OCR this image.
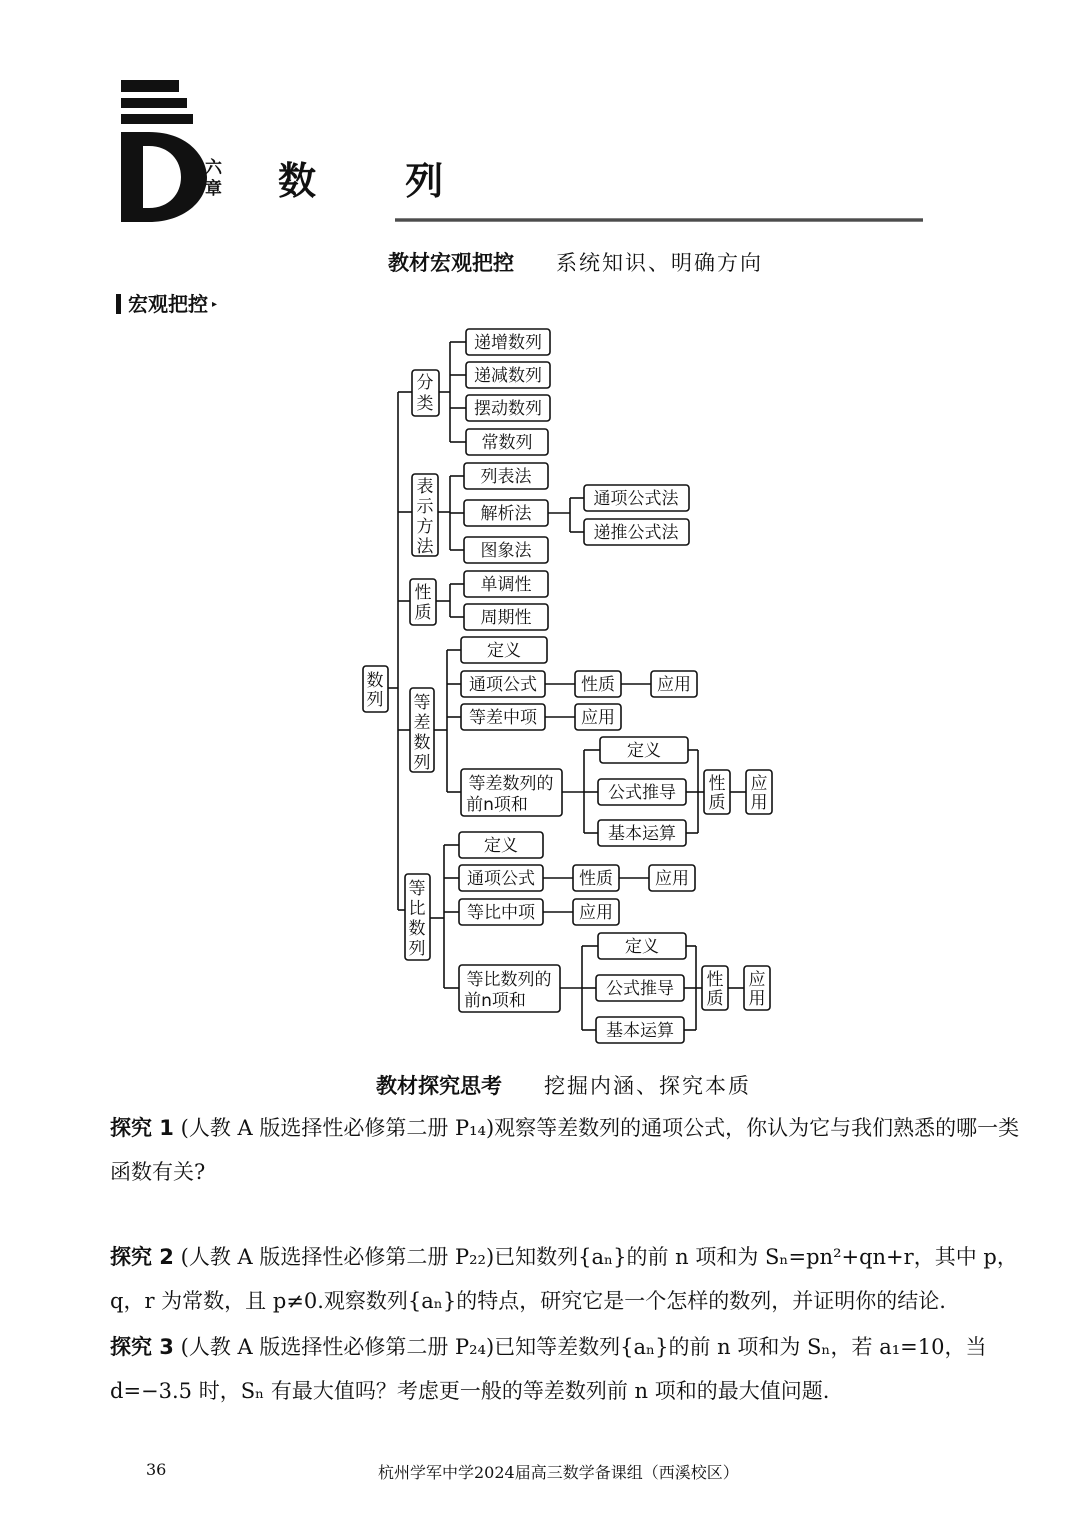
六
章 数 列
教材宏观把控 系统知识、明确方向
宏观把控 ▸
数
列
分
类
递增数列
递减数列
摆动数列
常数列
表
示
方
法
列表法
解析法
图象法
通项公式法
递推公式法
性
质
单调性
周期性
等
差
数
列
定义
通项公式
等差中项
等差数列的
前n项和
性质 应用
应用
定义
公式推导
基本运算
性
质
应
用
等
比
数
列
定义
通项公式
等比中项
等比数列的
前n项和
性质 应用
应用
定义
公式推导
基本运算
性
质
应
用
教材探究思考 挖掘内涵、探究本质
探究 1 (人教 A 版选择性必修第二册 P₁₄)观察等差数列的通项公式，你认为它与我们熟悉的哪一类函数有关?
探究 2 (人教 A 版选择性必修第二册 P₂₂)已知数列{aₙ}的前 n 项和为 Sₙ=pn²+qn+r，其中 p，q，r 为常数，且 p≠0.观察数列{aₙ}的特点，研究它是一个怎样的数列，并证明你的结论.
探究 3 (人教 A 版选择性必修第二册 P₂₄)已知等差数列{aₙ}的前 n 项和为 Sₙ，若 a₁=10，当 d=−3.5 时，Sₙ 有最大值吗？考虑更一般的等差数列前 n 项和的最大值问题.
36	杭州学军中学2024届高三数学备课组（西溪校区）
